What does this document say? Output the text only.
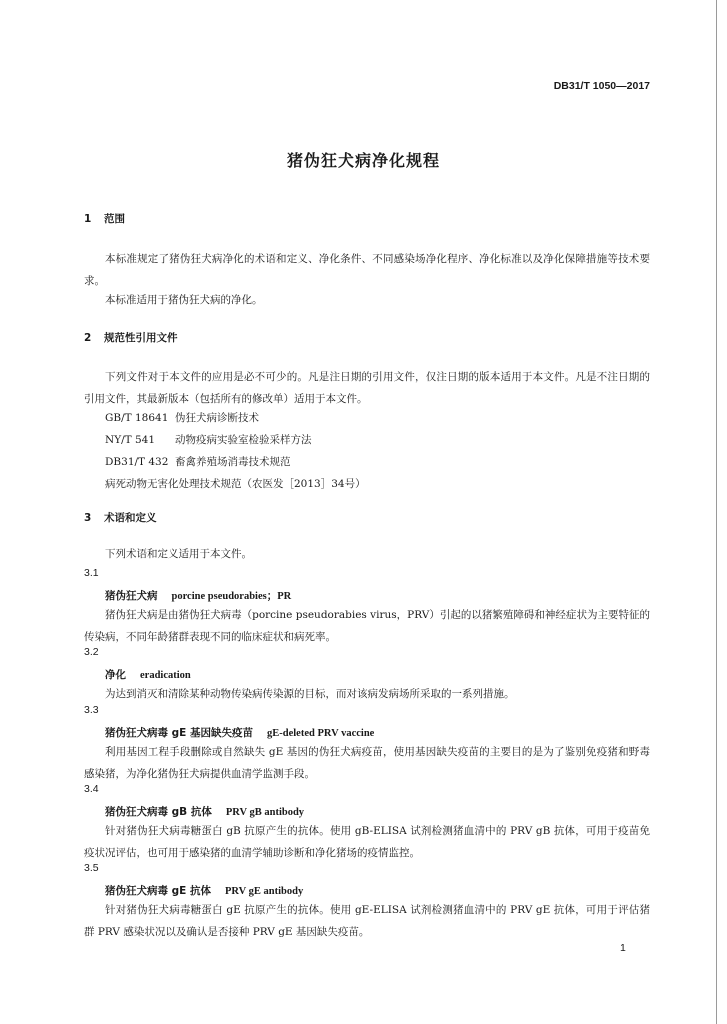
DB31/T 1050—2017
猪伪狂犬病净化规程
1 范围
本标准规定了猪伪狂犬病净化的术语和定义、净化条件、不同感染场净化程序、净化标准以及净化保障措施等技术要求。
本标准适用于猪伪狂犬病的净化。
2 规范性引用文件
下列文件对于本文件的应用是必不可少的。凡是注日期的引用文件，仅注日期的版本适用于本文件。凡是不注日期的引用文件，其最新版本（包括所有的修改单）适用于本文件。
GB/T 18641 伪狂犬病诊断技术
NY/T 541 动物疫病实验室检验采样方法
DB31/T 432 畜禽养殖场消毒技术规范
病死动物无害化处理技术规范（农医发［2013］34号）
3 术语和定义
下列术语和定义适用于本文件。
3.1
猪伪狂犬病 porcine pseudorabies；PR
猪伪狂犬病是由猪伪狂犬病毒（porcine pseudorabies virus，PRV）引起的以猪繁殖障碍和神经症状为主要特征的传染病，不同年龄猪群表现不同的临床症状和病死率。
3.2
净化 eradication
为达到消灭和清除某种动物传染病传染源的目标，而对该病发病场所采取的一系列措施。
3.3
猪伪狂犬病毒 gE 基因缺失疫苗 gE-deleted PRV vaccine
利用基因工程手段删除或自然缺失 gE 基因的伪狂犬病疫苗，使用基因缺失疫苗的主要目的是为了鉴别免疫猪和野毒感染猪，为净化猪伪狂犬病提供血清学监测手段。
3.4
猪伪狂犬病毒 gB 抗体 PRV gB antibody
针对猪伪狂犬病毒糖蛋白 gB 抗原产生的抗体。使用 gB-ELISA 试剂检测猪血清中的 PRV gB 抗体，可用于疫苗免疫状况评估，也可用于感染猪的血清学辅助诊断和净化猪场的疫情监控。
3.5
猪伪狂犬病毒 gE 抗体 PRV gE antibody
针对猪伪狂犬病毒糖蛋白 gE 抗原产生的抗体。使用 gE-ELISA 试剂检测猪血清中的 PRV gE 抗体，可用于评估猪群 PRV 感染状况以及确认是否接种 PRV gE 基因缺失疫苗。
1
